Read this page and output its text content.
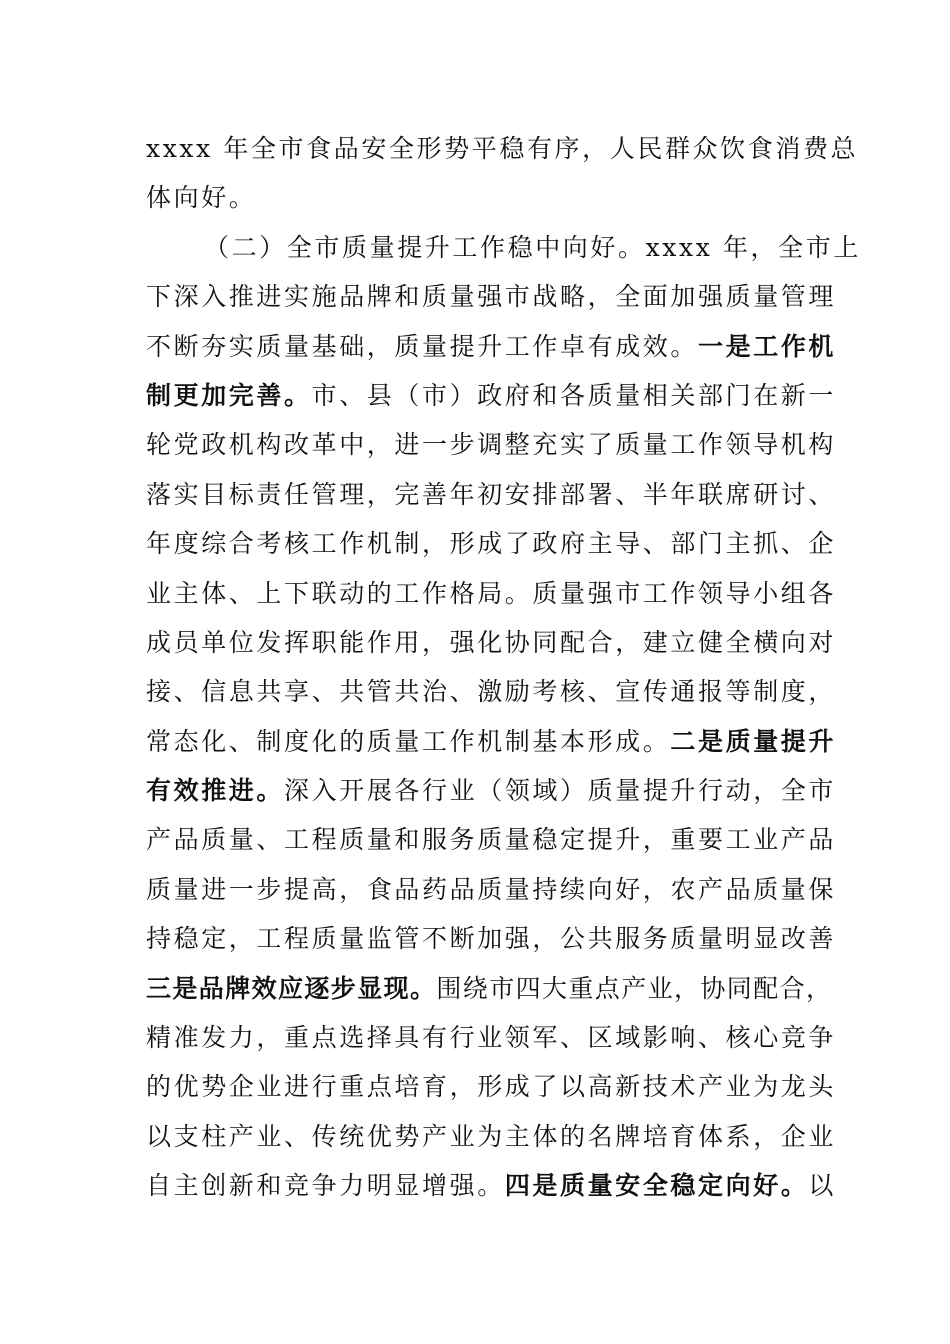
xxxx 年全市食品安全形势平稳有序，人民群众饮食消费总
体向好。
（二）全市质量提升工作稳中向好。xxxx 年，全市上
下深入推进实施品牌和质量强市战略，全面加强质量管理
不断夯实质量基础，质量提升工作卓有成效。一是工作机
制更加完善。市、县（市）政府和各质量相关部门在新一
轮党政机构改革中，进一步调整充实了质量工作领导机构
落实目标责任管理，完善年初安排部署、半年联席研讨、
年度综合考核工作机制，形成了政府主导、部门主抓、企
业主体、上下联动的工作格局。质量强市工作领导小组各
成员单位发挥职能作用，强化协同配合，建立健全横向对
接、信息共享、共管共治、激励考核、宣传通报等制度，
常态化、制度化的质量工作机制基本形成。二是质量提升
有效推进。深入开展各行业（领域）质量提升行动，全市
产品质量、工程质量和服务质量稳定提升，重要工业产品
质量进一步提高，食品药品质量持续向好，农产品质量保
持稳定，工程质量监管不断加强，公共服务质量明显改善
三是品牌效应逐步显现。围绕市四大重点产业，协同配合，
精准发力，重点选择具有行业领军、区域影响、核心竞争
的优势企业进行重点培育，形成了以高新技术产业为龙头
以支柱产业、传统优势产业为主体的名牌培育体系，企业
自主创新和竞争力明显增强。四是质量安全稳定向好。以
